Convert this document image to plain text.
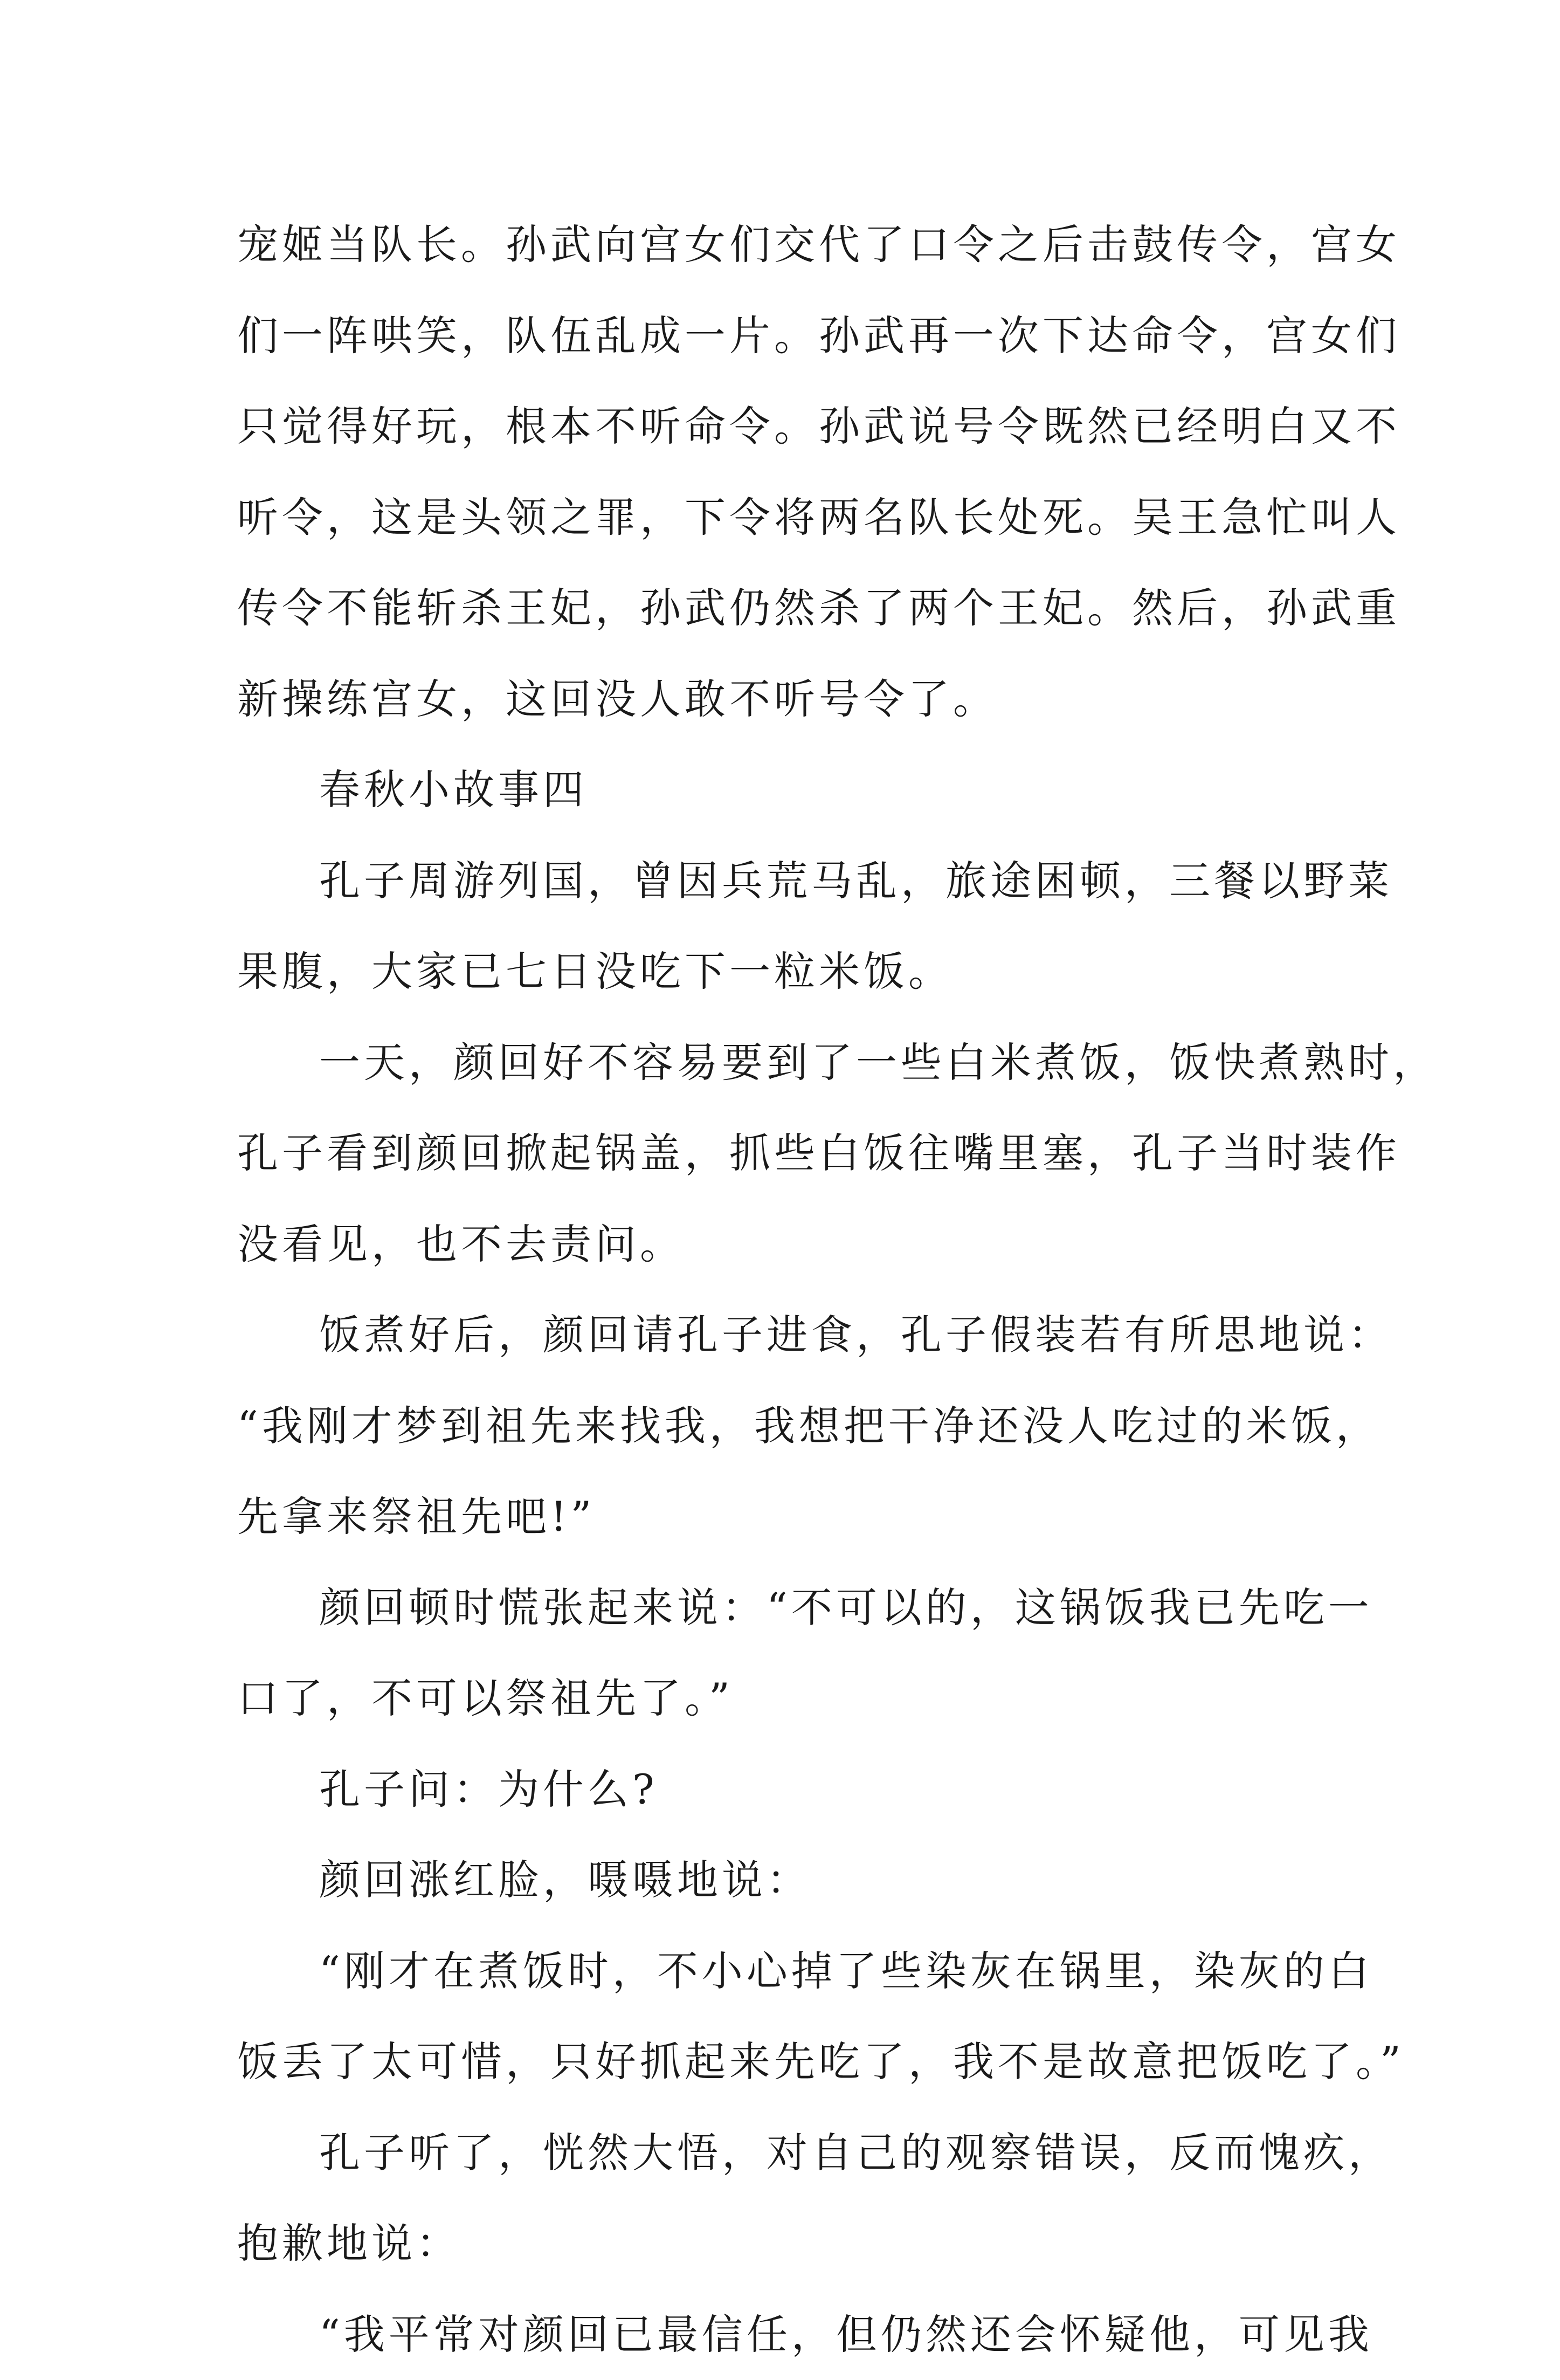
宠姬当队长。孙武向宫女们交代了口令之后击鼓传令，宫女
们一阵哄笑，队伍乱成一片。孙武再一次下达命令，宫女们
只觉得好玩，根本不听命令。孙武说号令既然已经明白又不
听令，这是头领之罪，下令将两名队长处死。吴王急忙叫人
传令不能斩杀王妃，孙武仍然杀了两个王妃。然后，孙武重
新操练宫女，这回没人敢不听号令了。
春秋小故事四
孔子周游列国，曾因兵荒马乱，旅途困顿，三餐以野菜
果腹，大家已七日没吃下一粒米饭。
一天，颜回好不容易要到了一些白米煮饭，饭快煮熟时，
孔子看到颜回掀起锅盖，抓些白饭往嘴里塞，孔子当时装作
没看见，也不去责问。
饭煮好后，颜回请孔子进食，孔子假装若有所思地说：
“我刚才梦到祖先来找我，我想把干净还没人吃过的米饭，
先拿来祭祖先吧!”
颜回顿时慌张起来说：“不可以的，这锅饭我已先吃一
口了，不可以祭祖先了。”
孔子问：为什么?
颜回涨红脸，嗫嗫地说：
“刚才在煮饭时，不小心掉了些染灰在锅里，染灰的白
饭丢了太可惜，只好抓起来先吃了，我不是故意把饭吃了。”
孔子听了，恍然大悟，对自己的观察错误，反而愧疚，
抱歉地说：
“我平常对颜回已最信任，但仍然还会怀疑他，可见我
